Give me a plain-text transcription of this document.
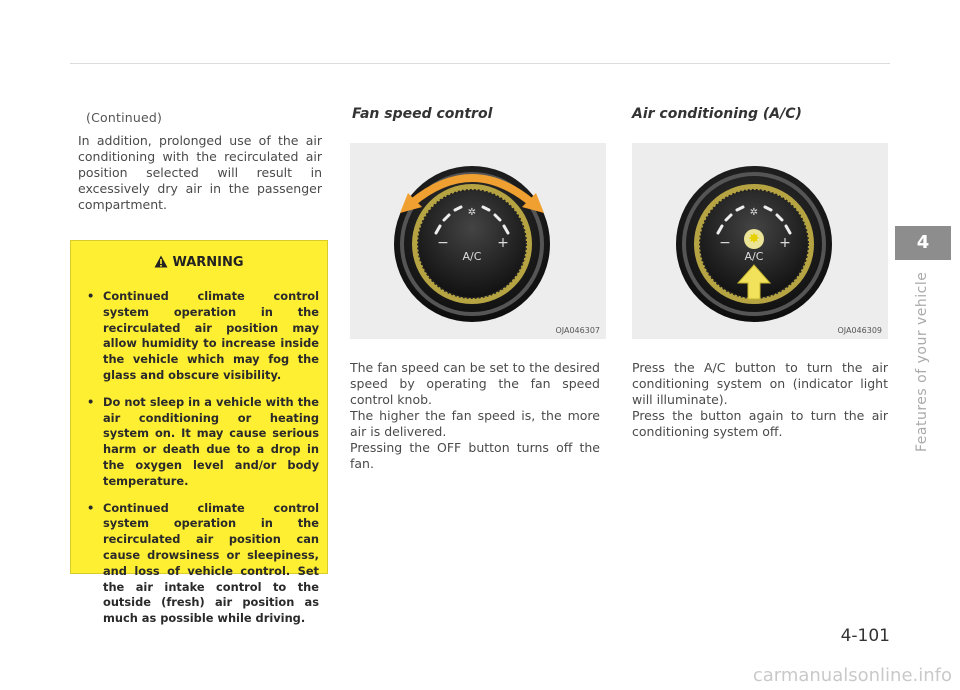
(Continued)

In addition, prolonged use of the air conditioning with the recirculated air position selected will result in excessively dry air in the passenger compartment.

WARNING
• Continued climate control system operation in the recirculated air position may allow humidity to increase inside the vehicle which may fog the glass and obscure visibility.
• Do not sleep in a vehicle with the air conditioning or heating system on. It may cause serious harm or death due to a drop in the oxygen level and/or body temperature.
• Continued climate control system operation in the recirculated air position can cause drowsiness or sleepiness, and loss of vehicle control. Set the air intake control to the outside (fresh) air position as much as possible while driving.
Fan speed control
✲
−	+
A/C
OJA046307

The fan speed can be set to the desired speed by operating the fan speed control knob.
The higher the fan speed is, the more air is delivered.
Pressing the OFF button turns off the fan.

Air conditioning (A/C)
✲
−	+
✸
A/C
OJA046309

Press the A/C button to turn the air conditioning system on (indicator light will illuminate).
Press the button again to turn the air conditioning system off.

4
Features of your vehicle
4-101
carmanualsonline.info
